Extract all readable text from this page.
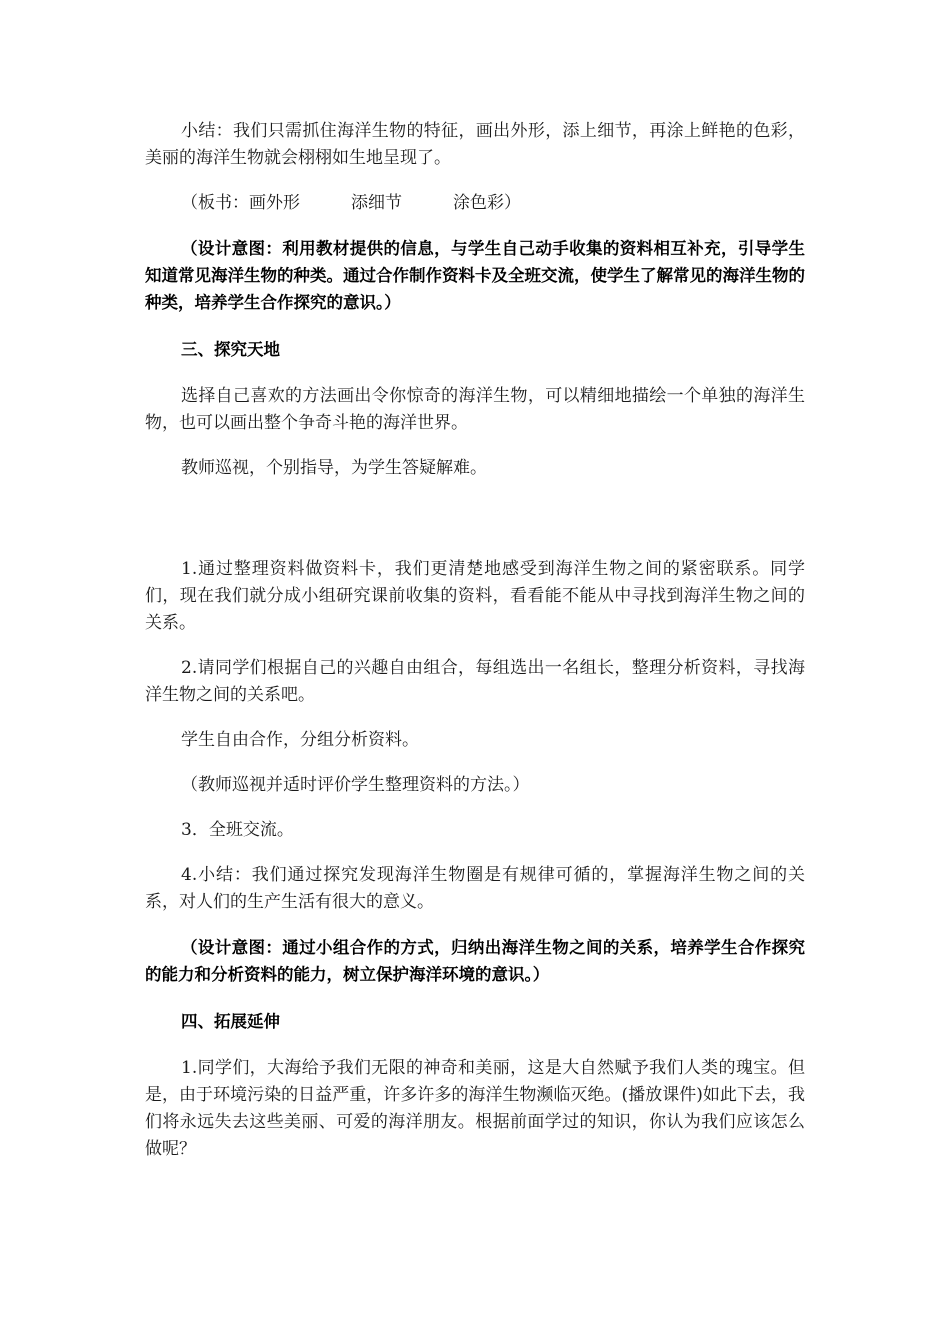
小结：我们只需抓住海洋生物的特征，画出外形，添上细节，再涂上鲜艳的色彩，美丽的海洋生物就会栩栩如生地呈现了。

（板书：画外形　　　添细节　　　涂色彩）

（设计意图：利用教材提供的信息，与学生自己动手收集的资料相互补充，引导学生知道常见海洋生物的种类。通过合作制作资料卡及全班交流，使学生了解常见的海洋生物的种类，培养学生合作探究的意识。）

三、探究天地

选择自己喜欢的方法画出令你惊奇的海洋生物，可以精细地描绘一个单独的海洋生物，也可以画出整个争奇斗艳的海洋世界。

教师巡视，个别指导，为学生答疑解难。

1.通过整理资料做资料卡，我们更清楚地感受到海洋生物之间的紧密联系。同学们，现在我们就分成小组研究课前收集的资料，看看能不能从中寻找到海洋生物之间的关系。

2.请同学们根据自己的兴趣自由组合，每组选出一名组长，整理分析资料，寻找海洋生物之间的关系吧。

学生自由合作，分组分析资料。

（教师巡视并适时评价学生整理资料的方法。）

3．全班交流。

4.小结：我们通过探究发现海洋生物圈是有规律可循的，掌握海洋生物之间的关系，对人们的生产生活有很大的意义。

（设计意图：通过小组合作的方式，归纳出海洋生物之间的关系，培养学生合作探究的能力和分析资料的能力，树立保护海洋环境的意识。）

四、拓展延伸

1.同学们，大海给予我们无限的神奇和美丽，这是大自然赋予我们人类的瑰宝。但是，由于环境污染的日益严重，许多许多的海洋生物濒临灭绝。(播放课件)如此下去，我们将永远失去这些美丽、可爱的海洋朋友。根据前面学过的知识，你认为我们应该怎么做呢？
